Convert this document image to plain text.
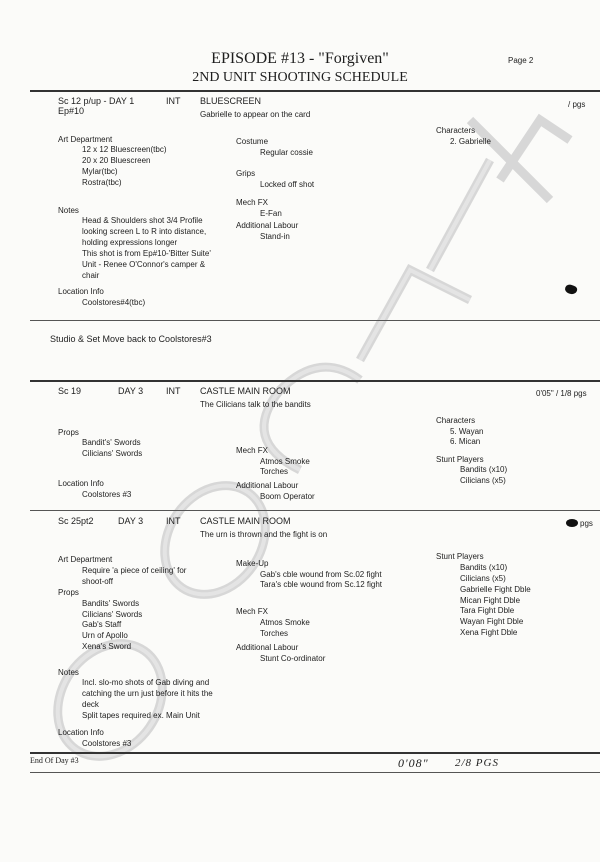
EPISODE #13 - "Forgiven"	Page 2
2ND UNIT SHOOTING SCHEDULE
Sc 12 p/up - DAY 1
Ep#10
INT BLUESCREEN
Gabrielle to appear on the card
/ pgs
Art Department
12 x 12 Bluescreen(tbc)
20 x 20 Bluescreen
Mylar(tbc)
Rostra(tbc)
Notes
Head & Shoulders shot 3/4 Profile
looking screen L to R into distance,
holding expressions longer
This shot is from Ep#10-'Bitter Suite'
Unit - Renee O'Connor's camper &
chair
Location Info
Coolstores#4(tbc)
Costume
Regular cossie
Grips
Locked off shot
Mech FX
E-Fan
Additional Labour
Stand-in
Characters
2. Gabrielle
Studio & Set Move back to Coolstores#3
Sc 19	DAY 3	INT CASTLE MAIN ROOM
The Cilicians talk to the bandits
0'05" / 1/8 pgs
Characters
5. Wayan
6. Mican
Props
Bandit's' Swords
Cilicians' Swords	Mech FX
Atmos Smoke
Torches
Stunt Players
Bandits (x10)
Cilicians (x5)
Location Info
Coolstores #3
Additional Labour
Boom Operator
Sc 25pt2	DAY 3	INT CASTLE MAIN ROOM
The urn is thrown and the fight is on
pgs
Art Department
Require 'a piece of ceiling' for
shoot-off
Props
Bandits' Swords
Cilicians' Swords
Gab's Staff
Urn of Apollo
Xena's Sword
Notes
Incl. slo-mo shots of Gab diving and
catching the urn just before it hits the
deck
Split tapes required ex. Main Unit
Location Info
Coolstores #3
Make-Up
Gab's cble wound from Sc.02 fight
Tara's cble wound from Sc.12 fight
Mech FX
Atmos Smoke
Torches
Additional Labour
Stunt Co-ordinator
Stunt Players
Bandits (x10)
Cilicians (x5)
Gabrielle Fight Dble
Mican Fight Dble
Tara Fight Dble
Wayan Fight Dble
Xena Fight Dble
End Of Day #3	0'08" 2/8 PGS
